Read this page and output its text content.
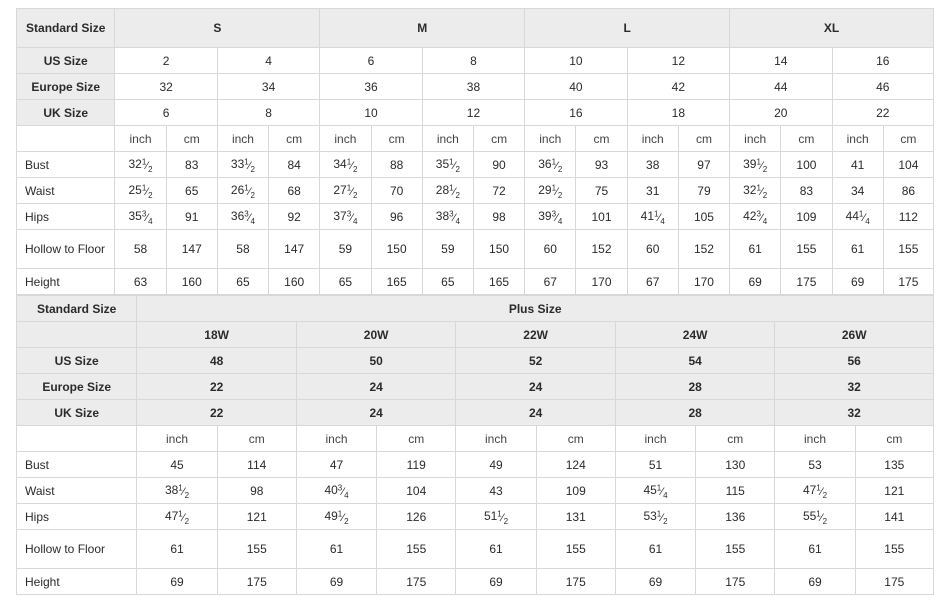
Standard Size	S				M				L				XL			
US Size	2		4		6		8		10		12		14		16	
Europe Size	32		34		36		38		40		42		44		46	
UK Size	6		8		10		12		16		18		20		22	
	inch	cm	inch	cm	inch	cm	inch	cm	inch	cm	inch	cm	inch	cm	inch	cm
Bust	$32^1⁄_2$	83	$33^1⁄_2$	84	$34^1⁄_2$	88	$35^1⁄_2$	90	$36^1⁄_2$	93	38	97	$39^1⁄_2$	100	41	104
Waist	$25^1⁄_2$	65	$26^1⁄_2$	68	$27^1⁄_2$	70	$28^1⁄_2$	72	$29^1⁄_2$	75	31	79	$32^1⁄_2$	83	34	86
Hips	$35^3⁄_4$	91	$36^3⁄_4$	92	$37^3⁄_4$	96	$38^3⁄_4$	98	$39^3⁄_4$	101	$41^1⁄_4$	105	$42^3⁄_4$	109	$44^1⁄_4$	112
Hollow to Floor	58	147	58	147	59	150	59	150	60	152	60	152	61	155	61	155
Height	63	160	65	160	65	165	65	165	67	170	67	170	69	175	69	175
Standard Size	Plus Size									
	18W		20W		22W		24W		26W	
US Size	48		50		52		54		56	
Europe Size	22		24		24		28		32	
UK Size	22		24		24		28		32	
	inch	cm	inch	cm	inch	cm	inch	cm	inch	cm
Bust	45	114	47	119	49	124	51	130	53	135
Waist	$38^1⁄_2$	98	$40^3⁄_4$	104	43	109	$45^1⁄_4$	115	$47^1⁄_2$	121
Hips	$47^1⁄_2$	121	$49^1⁄_2$	126	$51^1⁄_2$	131	$53^1⁄_2$	136	$55^1⁄_2$	141
Hollow to Floor	61	155	61	155	61	155	61	155	61	155
Height	69	175	69	175	69	175	69	175	69	175
